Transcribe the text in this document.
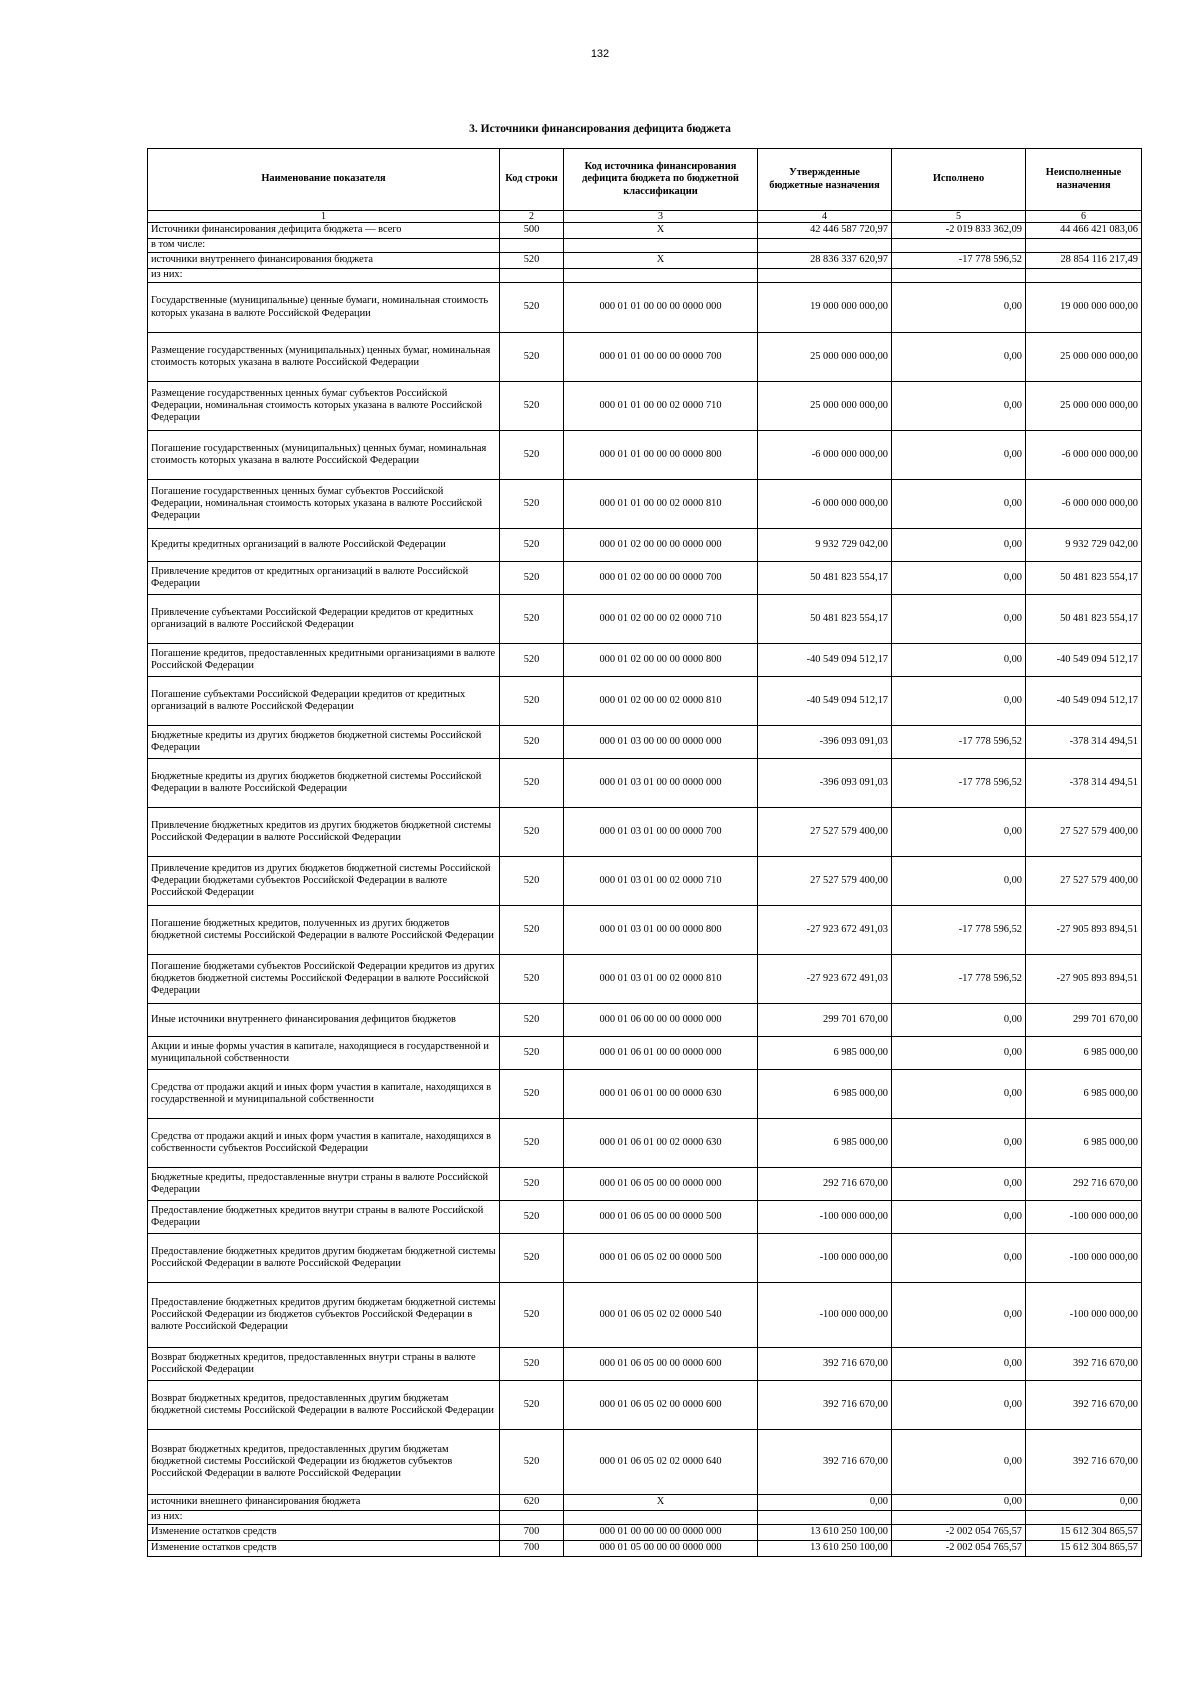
132
3. Источники финансирования дефицита бюджета
Наименование показателя	Код строки	Код источника финансирования дефицита бюджета по бюджетной классификации	Утвержденные бюджетные назначения	Исполнено	Неисполненные назначения
1	2	3	4	5	6
Источники финансирования дефицита бюджета — всего	500	X	42 446 587 720,97	-2 019 833 362,09	44 466 421 083,06
в том числе:					
источники внутреннего финансирования бюджета	520	X	28 836 337 620,97	-17 778 596,52	28 854 116 217,49
из них:					
Государственные (муниципальные) ценные бумаги, номинальная стоимость которых указана в валюте Российской Федерации	520	000 01 01 00 00 00 0000 000	19 000 000 000,00	0,00	19 000 000 000,00
Размещение государственных (муниципальных) ценных бумаг, номинальная стоимость которых указана в валюте Российской Федерации	520	000 01 01 00 00 00 0000 700	25 000 000 000,00	0,00	25 000 000 000,00
Размещение государственных ценных бумаг субъектов Российской Федерации, номинальная стоимость которых указана в валюте Российской Федерации	520	000 01 01 00 00 02 0000 710	25 000 000 000,00	0,00	25 000 000 000,00
Погашение государственных (муниципальных) ценных бумаг, номинальная стоимость которых указана в валюте Российской Федерации	520	000 01 01 00 00 00 0000 800	-6 000 000 000,00	0,00	-6 000 000 000,00
Погашение государственных ценных бумаг субъектов Российской Федерации, номинальная стоимость которых указана в валюте Российской Федерации	520	000 01 01 00 00 02 0000 810	-6 000 000 000,00	0,00	-6 000 000 000,00
Кредиты кредитных организаций в валюте Российской Федерации	520	000 01 02 00 00 00 0000 000	9 932 729 042,00	0,00	9 932 729 042,00
Привлечение кредитов от кредитных организаций в валюте Российской Федерации	520	000 01 02 00 00 00 0000 700	50 481 823 554,17	0,00	50 481 823 554,17
Привлечение субъектами Российской Федерации кредитов от кредитных организаций в валюте Российской Федерации	520	000 01 02 00 00 02 0000 710	50 481 823 554,17	0,00	50 481 823 554,17
Погашение кредитов, предоставленных кредитными организациями в валюте Российской Федерации	520	000 01 02 00 00 00 0000 800	-40 549 094 512,17	0,00	-40 549 094 512,17
Погашение субъектами Российской Федерации кредитов от кредитных организаций в валюте Российской Федерации	520	000 01 02 00 00 02 0000 810	-40 549 094 512,17	0,00	-40 549 094 512,17
Бюджетные кредиты из других бюджетов бюджетной системы Российской Федерации	520	000 01 03 00 00 00 0000 000	-396 093 091,03	-17 778 596,52	-378 314 494,51
Бюджетные кредиты из других бюджетов бюджетной системы Российской Федерации в валюте Российской Федерации	520	000 01 03 01 00 00 0000 000	-396 093 091,03	-17 778 596,52	-378 314 494,51
Привлечение бюджетных кредитов из других бюджетов бюджетной системы Российской Федерации в валюте Российской Федерации	520	000 01 03 01 00 00 0000 700	27 527 579 400,00	0,00	27 527 579 400,00
Привлечение кредитов из других бюджетов бюджетной системы Российской Федерации бюджетами субъектов Российской Федерации в валюте Российской Федерации	520	000 01 03 01 00 02 0000 710	27 527 579 400,00	0,00	27 527 579 400,00
Погашение бюджетных кредитов, полученных из других бюджетов бюджетной системы Российской Федерации в валюте Российской Федерации	520	000 01 03 01 00 00 0000 800	-27 923 672 491,03	-17 778 596,52	-27 905 893 894,51
Погашение бюджетами субъектов Российской Федерации кредитов из других бюджетов бюджетной системы Российской Федерации в валюте Российской Федерации	520	000 01 03 01 00 02 0000 810	-27 923 672 491,03	-17 778 596,52	-27 905 893 894,51
Иные источники внутреннего финансирования дефицитов бюджетов	520	000 01 06 00 00 00 0000 000	299 701 670,00	0,00	299 701 670,00
Акции и иные формы участия в капитале, находящиеся в государственной и муниципальной собственности	520	000 01 06 01 00 00 0000 000	6 985 000,00	0,00	6 985 000,00
Средства от продажи акций и иных форм участия в капитале, находящихся в государственной и муниципальной собственности	520	000 01 06 01 00 00 0000 630	6 985 000,00	0,00	6 985 000,00
Средства от продажи акций и иных форм участия в капитале, находящихся в собственности субъектов Российской Федерации	520	000 01 06 01 00 02 0000 630	6 985 000,00	0,00	6 985 000,00
Бюджетные кредиты, предоставленные внутри страны в валюте Российской Федерации	520	000 01 06 05 00 00 0000 000	292 716 670,00	0,00	292 716 670,00
Предоставление бюджетных кредитов внутри страны в валюте Российской Федерации	520	000 01 06 05 00 00 0000 500	-100 000 000,00	0,00	-100 000 000,00
Предоставление бюджетных кредитов другим бюджетам бюджетной системы Российской Федерации в валюте Российской Федерации	520	000 01 06 05 02 00 0000 500	-100 000 000,00	0,00	-100 000 000,00
Предоставление бюджетных кредитов другим бюджетам бюджетной системы Российской Федерации из бюджетов субъектов Российской Федерации в валюте Российской Федерации	520	000 01 06 05 02 02 0000 540	-100 000 000,00	0,00	-100 000 000,00
Возврат бюджетных кредитов, предоставленных внутри страны в валюте Российской Федерации	520	000 01 06 05 00 00 0000 600	392 716 670,00	0,00	392 716 670,00
Возврат бюджетных кредитов, предоставленных другим бюджетам бюджетной системы Российской Федерации в валюте Российской Федерации	520	000 01 06 05 02 00 0000 600	392 716 670,00	0,00	392 716 670,00
Возврат бюджетных кредитов, предоставленных другим бюджетам бюджетной системы Российской Федерации из бюджетов субъектов Российской Федерации в валюте Российской Федерации	520	000 01 06 05 02 02 0000 640	392 716 670,00	0,00	392 716 670,00
источники внешнего финансирования бюджета	620	X	0,00	0,00	0,00
из них:					
Изменение остатков средств	700	000 01 00 00 00 00 0000 000	13 610 250 100,00	-2 002 054 765,57	15 612 304 865,57
Изменение остатков средств	700	000 01 05 00 00 00 0000 000	13 610 250 100,00	-2 002 054 765,57	15 612 304 865,57
